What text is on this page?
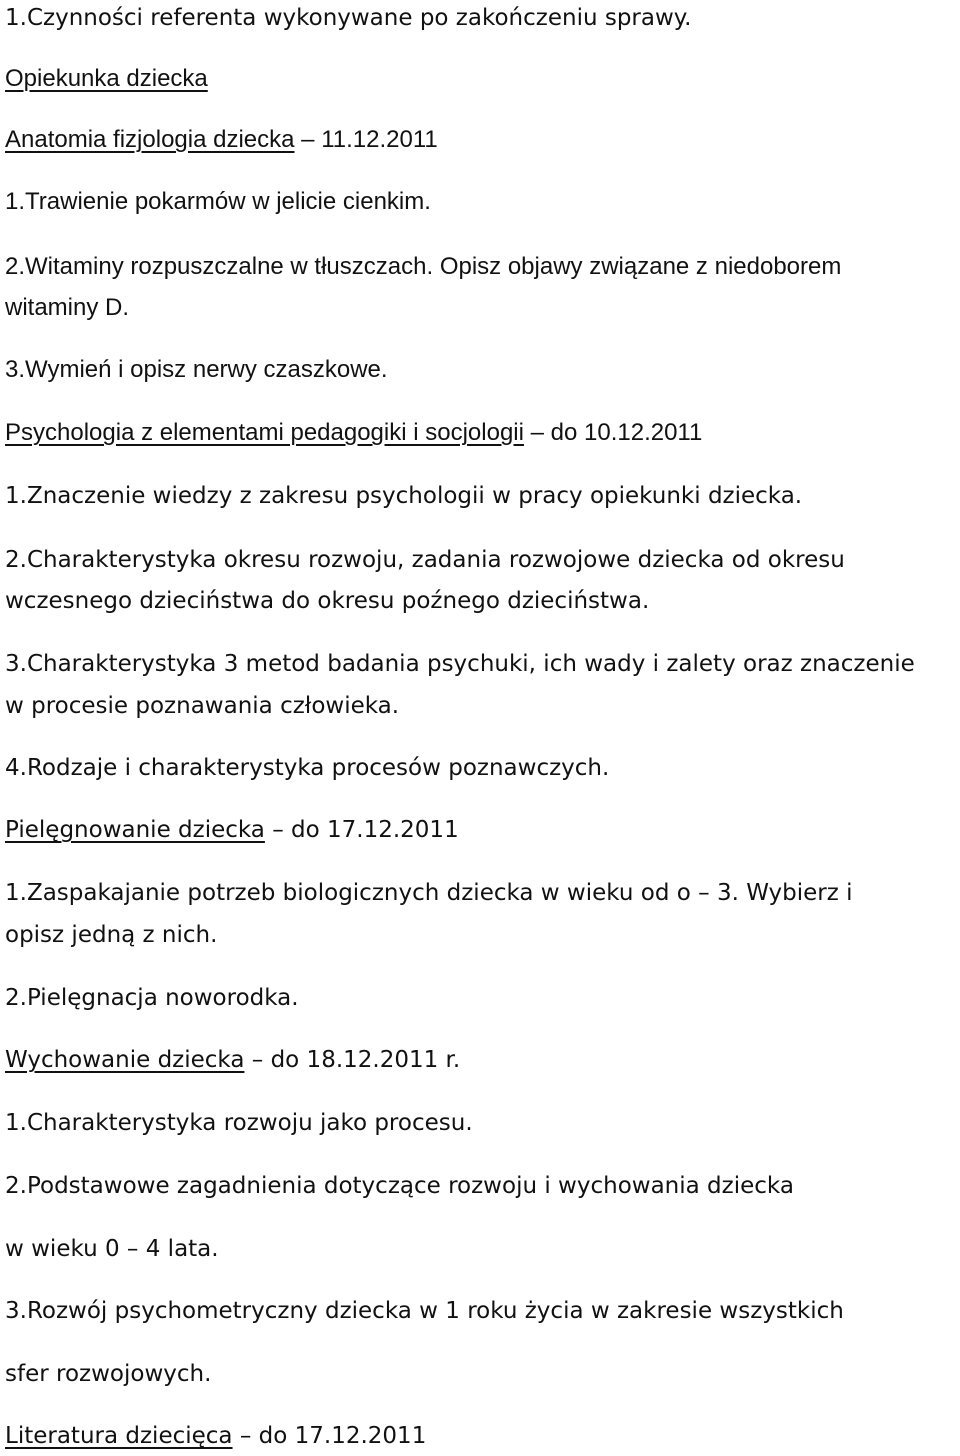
1.Czynności referenta wykonywane po zakończeniu sprawy.
Opiekunka dziecka
Anatomia fizjologia dziecka – 11.12.2011
1.Trawienie pokarmów w jelicie cienkim.
2.Witaminy rozpuszczalne w tłuszczach. Opisz objawy związane z niedoborem
witaminy D.
3.Wymień i opisz nerwy czaszkowe.
Psychologia z elementami pedagogiki i socjologii – do 10.12.2011
1.Znaczenie wiedzy z zakresu psychologii w pracy opiekunki dziecka.
2.Charakterystyka okresu rozwoju, zadania rozwojowe dziecka od okresu
wczesnego dzieciństwa do okresu poźnego dzieciństwa.
3.Charakterystyka 3 metod badania psychuki, ich wady i zalety oraz znaczenie
w procesie poznawania człowieka.
4.Rodzaje i charakterystyka procesów poznawczych.
Pielęgnowanie dziecka – do 17.12.2011
1.Zaspakajanie potrzeb biologicznych dziecka w wieku od o – 3. Wybierz i
opisz jedną z nich.
2.Pielęgnacja noworodka.
Wychowanie dziecka – do 18.12.2011 r.
1.Charakterystyka rozwoju jako procesu.
2.Podstawowe zagadnienia dotyczące rozwoju i wychowania dziecka
w wieku 0 – 4 lata.
3.Rozwój psychometryczny dziecka w 1 roku życia w zakresie wszystkich
sfer rozwojowych.
Literatura dziecięca – do 17.12.2011
